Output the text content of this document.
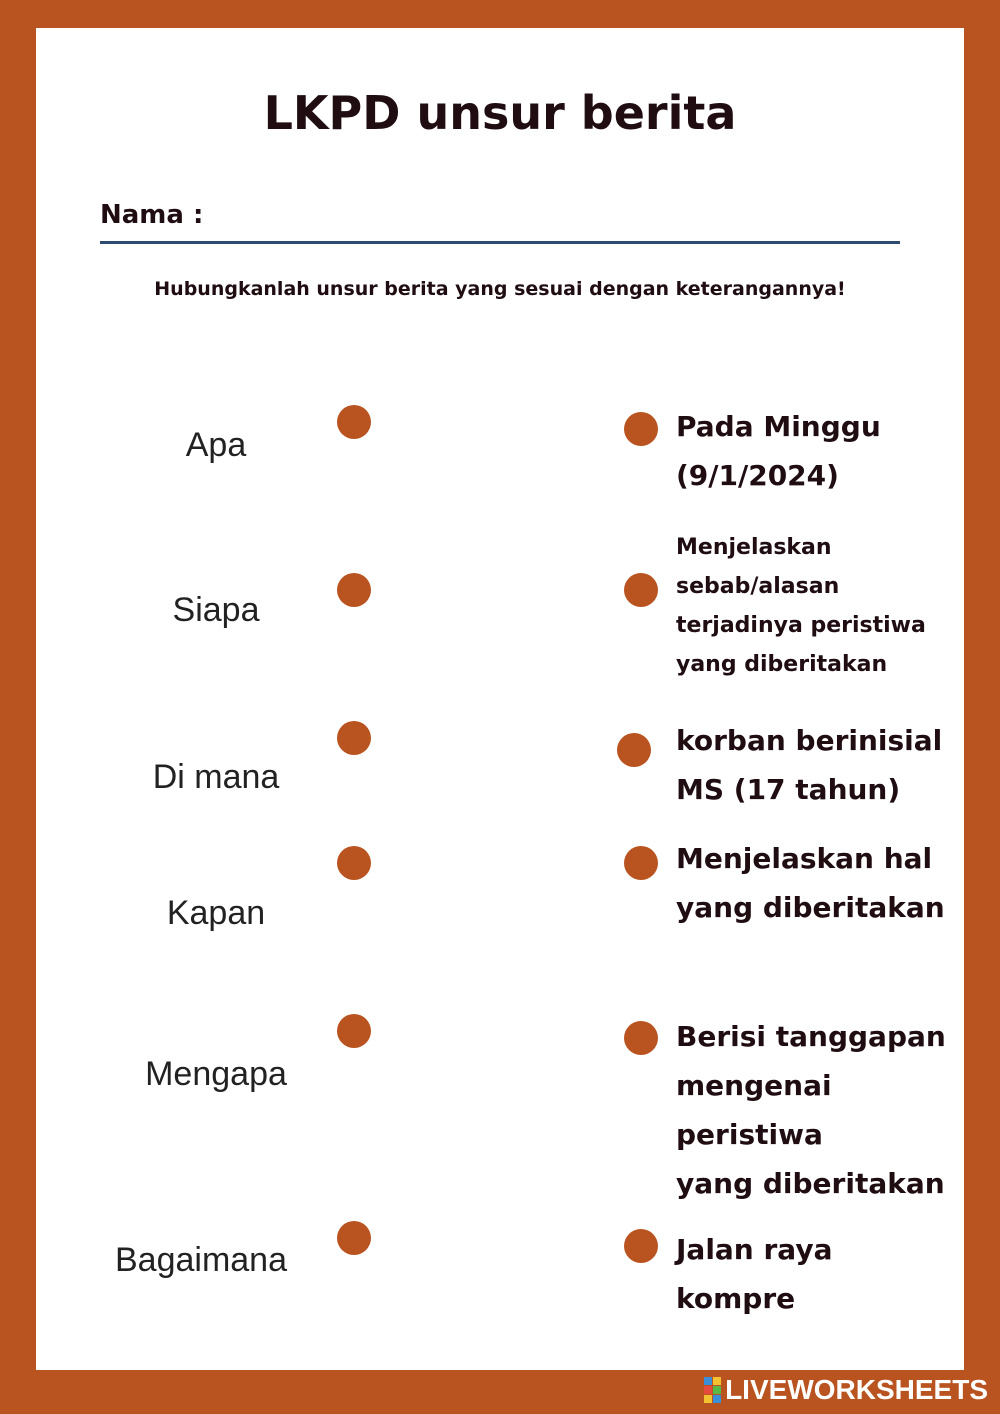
LKPD unsur berita
Nama :
Hubungkanlah unsur berita yang sesuai dengan keterangannya!
Apa
Siapa
Di mana
Kapan
Mengapa
Bagaimana
Pada Minggu
(9/1/2024)
Menjelaskan
sebab/alasan
terjadinya peristiwa
yang diberitakan
korban berinisial
MS (17 tahun)
Menjelaskan hal
yang diberitakan
Berisi tanggapan
mengenai peristiwa
yang diberitakan
Jalan raya
kompre
LIVEWORKSHEETS
